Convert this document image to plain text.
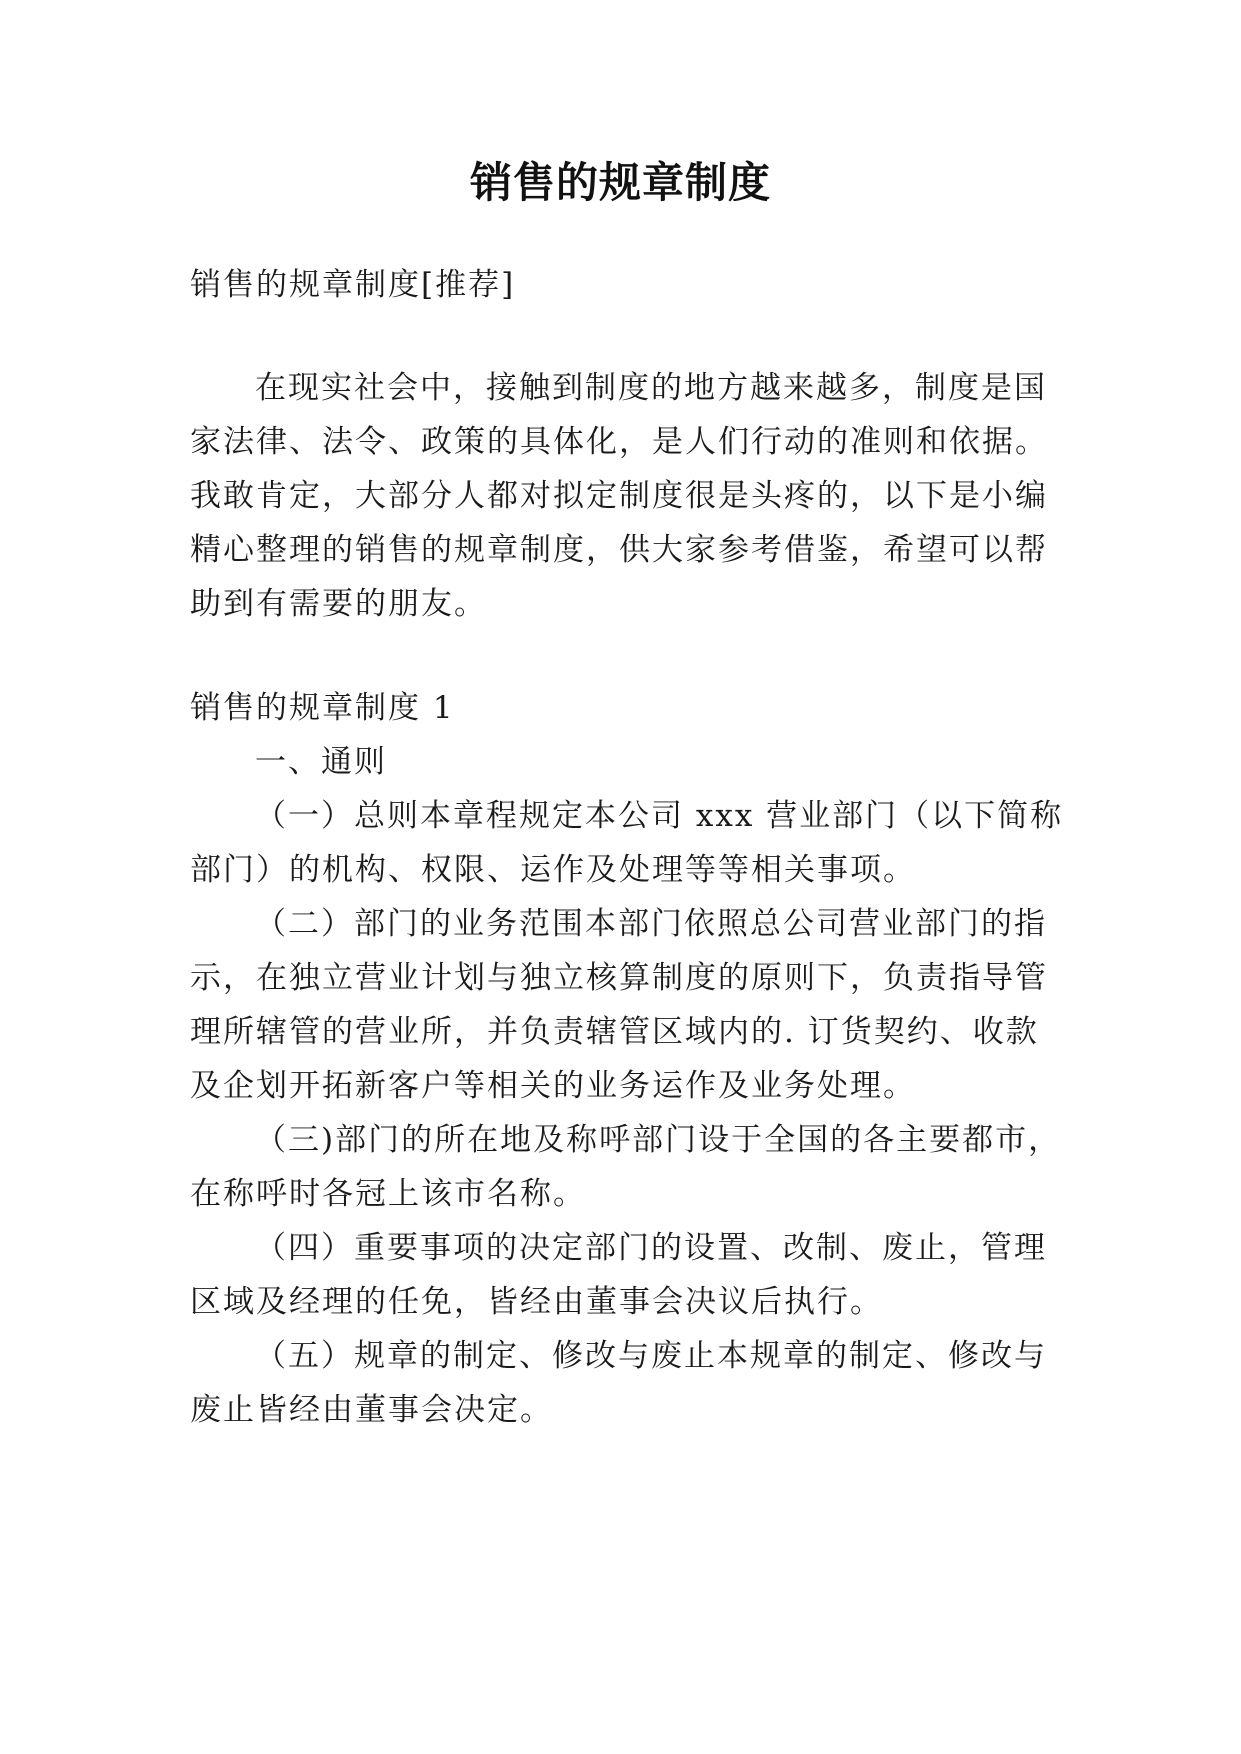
销售的规章制度
销售的规章制度[推荐]
在现实社会中，接触到制度的地方越来越多，制度是国
家法律、法令、政策的具体化，是人们行动的准则和依据。
我敢肯定，大部分人都对拟定制度很是头疼的，以下是小编
精心整理的销售的规章制度，供大家参考借鉴，希望可以帮
助到有需要的朋友。
销售的规章制度 1
一、通则
（一）总则本章程规定本公司 xxx 营业部门（以下简称
部门）的机构、权限、运作及处理等等相关事项。
（二）部门的业务范围本部门依照总公司营业部门的指
示，在独立营业计划与独立核算制度的原则下，负责指导管
理所辖管的营业所，并负责辖管区域内的. 订货契约、收款
及企划开拓新客户等相关的业务运作及业务处理。
（三)部门的所在地及称呼部门设于全国的各主要都市，
在称呼时各冠上该市名称。
（四）重要事项的决定部门的设置、改制、废止，管理
区域及经理的任免，皆经由董事会决议后执行。
（五）规章的制定、修改与废止本规章的制定、修改与
废止皆经由董事会决定。
